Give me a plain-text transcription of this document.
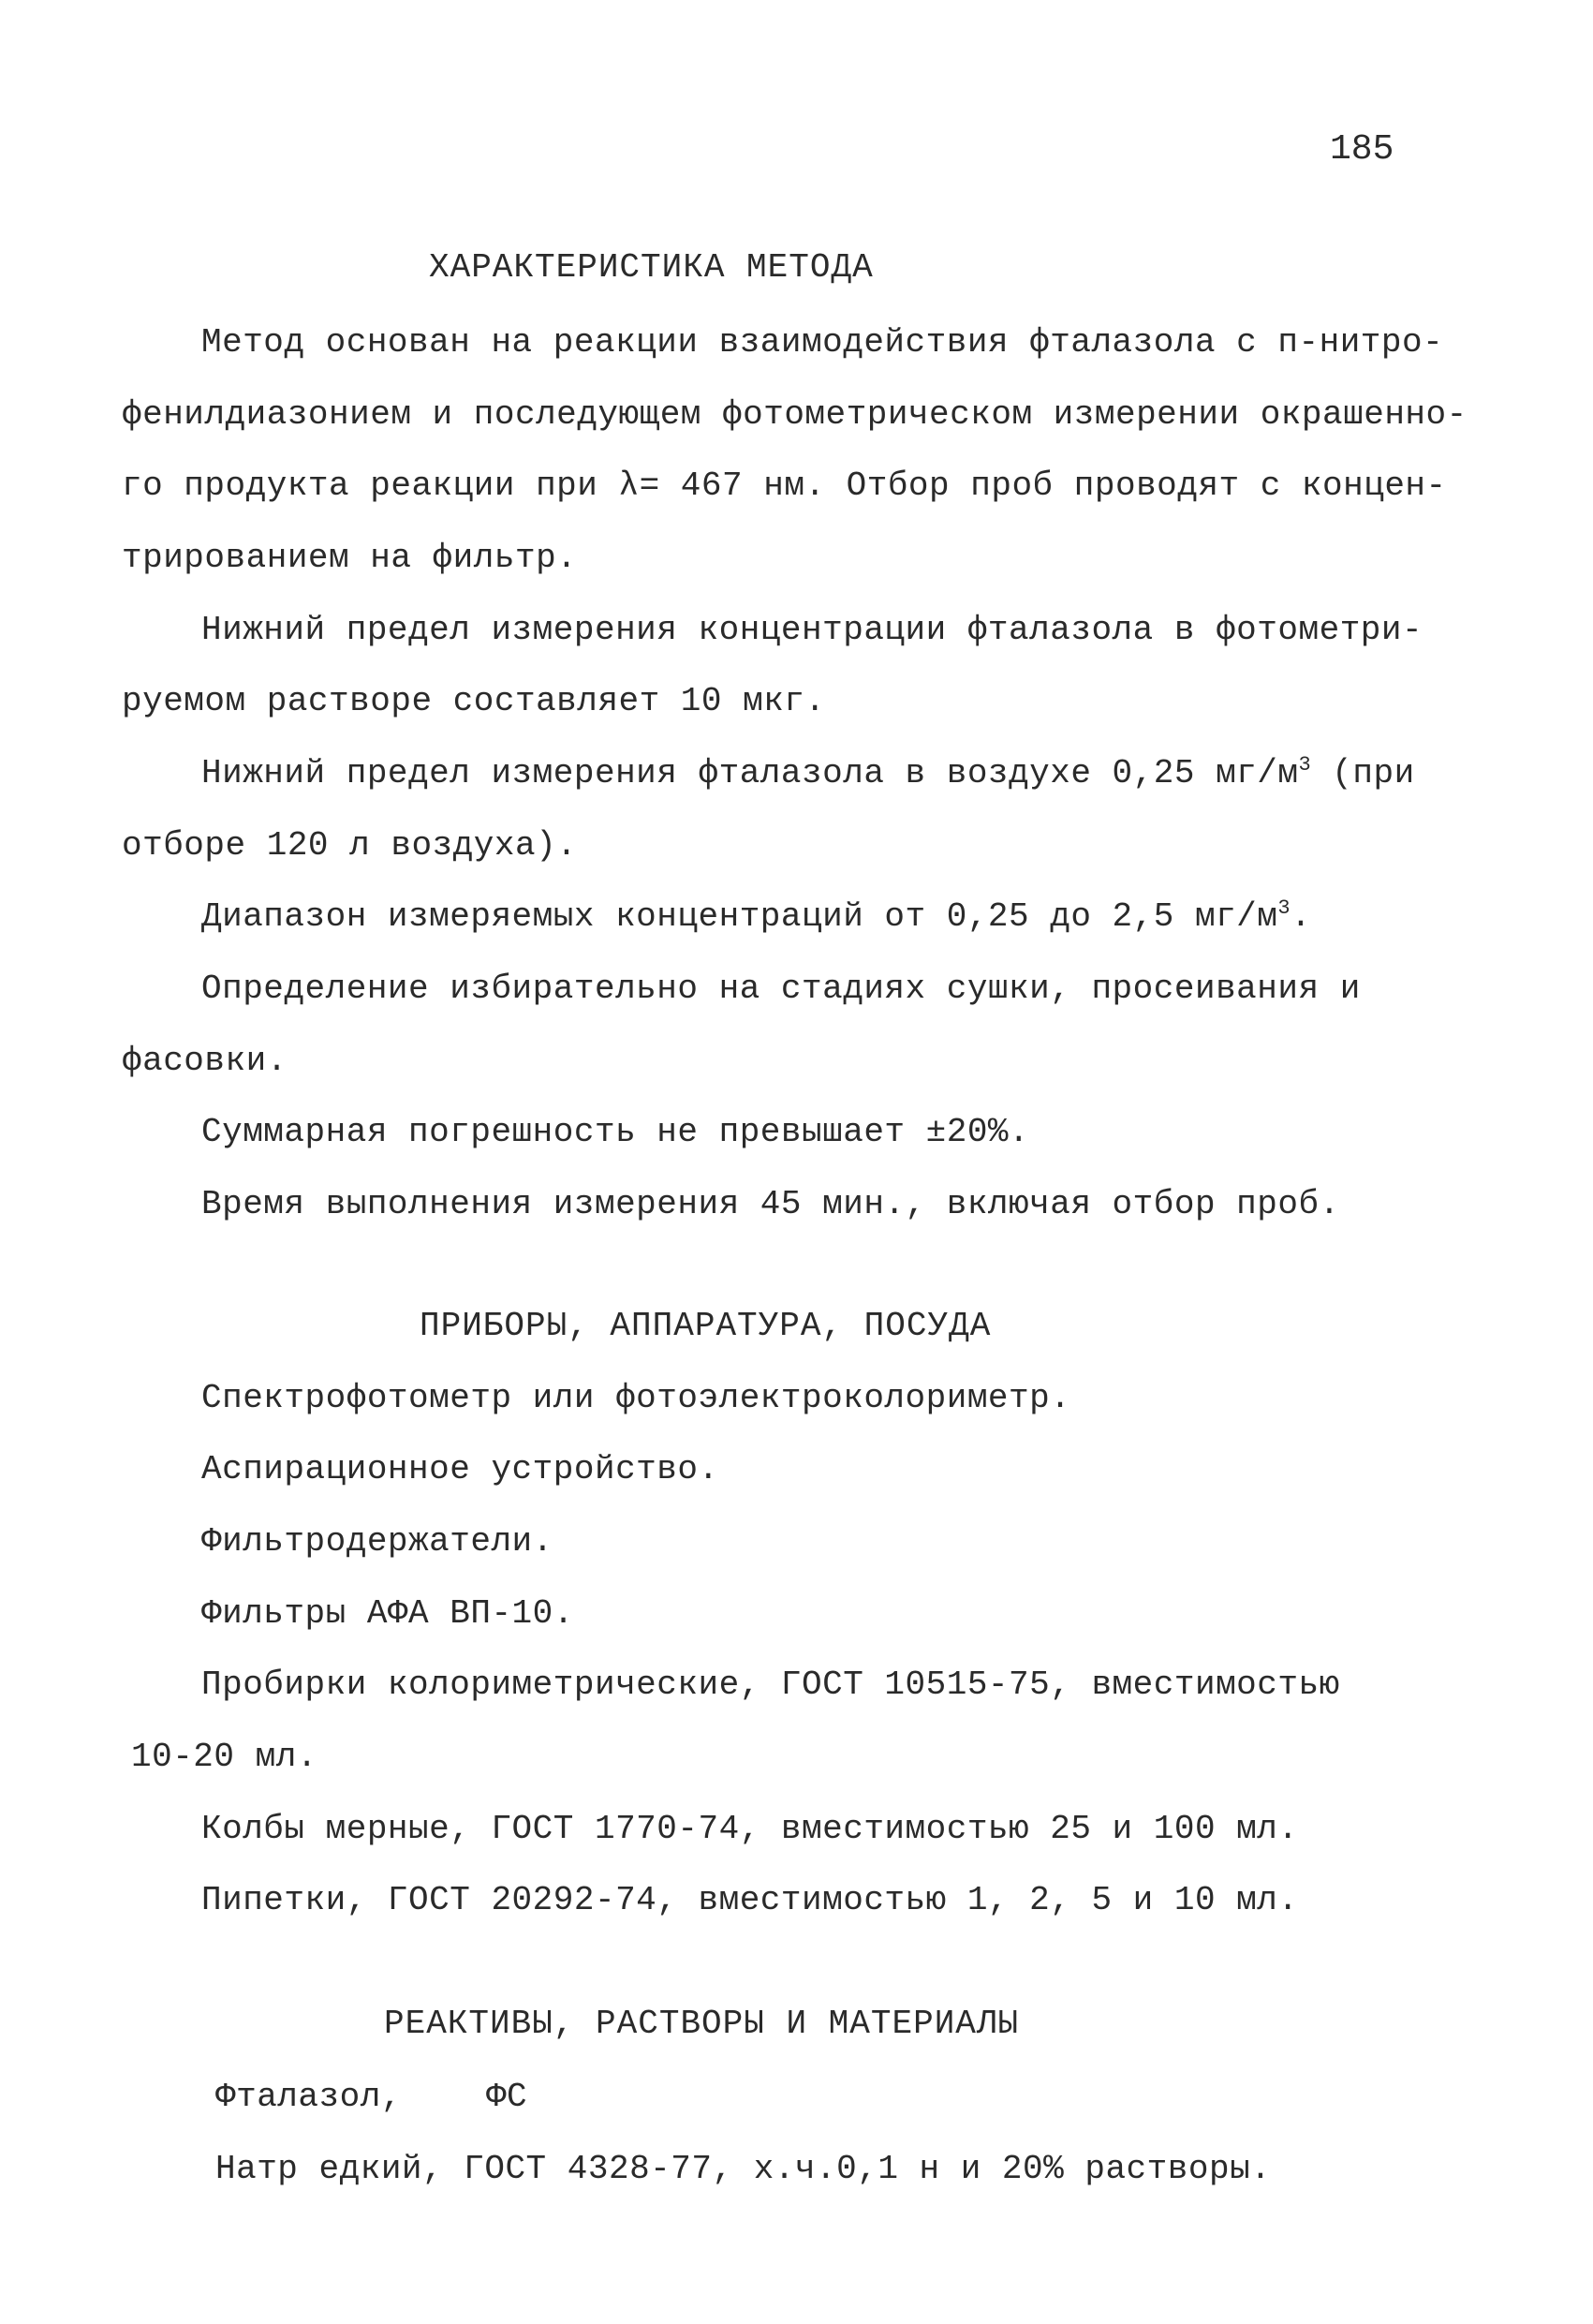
185
ХАРАКТЕРИСТИКА МЕТОДА
Метод основан на реакции взаимодействия фталазола с п-нитро-
фенилдиазонием и последующем фотометрическом измерении окрашенно-
го продукта реакции при λ= 467 нм. Отбор проб проводят с концен-
трированием на фильтр.
Нижний предел измерения концентрации фталазола в фотометри-
руемом растворе составляет 10 мкг.
Нижний предел измерения фталазола в воздухе 0,25 $мг/м^3$ (при
отборе 120 л воздуха).
Диапазон измеряемых концентраций от 0,25 до 2,5 $мг/м^3$.
Определение избирательно на стадиях сушки, просеивания и
фасовки.
Суммарная погрешность не превышает ±20%.
Время выполнения измерения 45 мин., включая отбор проб.
ПРИБОРЫ, АППАРАТУРА, ПОСУДА
Спектрофотометр или фотоэлектроколориметр.
Аспирационное устройство.
Фильтродержатели.
Фильтры АФА ВП-10.
Пробирки колориметрические, ГОСТ 10515-75, вместимостью
10-20 мл.
Колбы мерные, ГОСТ 1770-74, вместимостью 25 и 100 мл.
Пипетки, ГОСТ 20292-74, вместимостью 1, 2, 5 и 10 мл.
РЕАКТИВЫ, РАСТВОРЫ И МАТЕРИАЛЫ
Фталазол,	ФС
Натр едкий, ГОСТ 4328-77, х.ч.0,1 н и 20% растворы.
